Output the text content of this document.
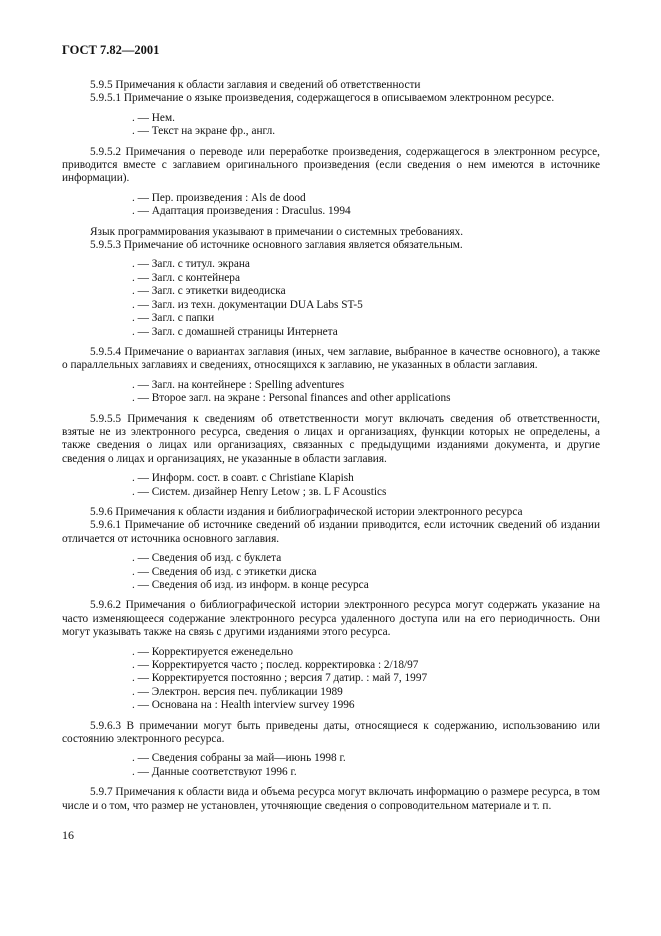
ГОСТ 7.82—2001

5.9.5 Примечания к области заглавия и сведений об ответственности

5.9.5.1 Примечание о языке произведения, содержащегося в описываемом электронном ресурсе.

. — Нем.
. — Текст на экране фр., англ.

5.9.5.2 Примечания о переводе или переработке произведения, содержащегося в электронном ресурсе, приводится вместе с заглавием оригинального произведения (если сведения о нем имеются в источнике информации).

. — Пер. произведения : Als de dood
. — Адаптация произведения : Draculus. 1994

Язык программирования указывают в примечании о системных требованиях.

5.9.5.3 Примечание об источнике основного заглавия является обязательным.

. — Загл. с титул. экрана
. — Загл. с контейнера
. — Загл. с этикетки видеодиска
. — Загл. из техн. документации DUA Labs ST-5
. — Загл. с папки
. — Загл. с домашней страницы Интернета

5.9.5.4 Примечание о вариантах заглавия (иных, чем заглавие, выбранное в качестве основного), а также о параллельных заглавиях и сведениях, относящихся к заглавию, не указанных в области заглавия.

. — Загл. на контейнере : Spelling adventures
. — Второе загл. на экране : Personal finances and other applications

5.9.5.5 Примечания к сведениям об ответственности могут включать сведения об ответственности, взятые не из электронного ресурса, сведения о лицах и организациях, функции которых не определены, а также сведения о лицах или организациях, связанных с предыдущими изданиями документа, и другие сведения о лицах и организациях, не указанные в области заглавия.

. — Информ. сост. в соавт. с Christiane Klapish
. — Систем. дизайнер Henry Letow ; зв. L F Acoustics

5.9.6 Примечания к области издания и библиографической истории электронного ресурса

5.9.6.1 Примечание об источнике сведений об издании приводится, если источник сведений об издании отличается от источника основного заглавия.

. — Сведения об изд. с буклета
. — Сведения об изд. с этикетки диска
. — Сведения об изд. из информ. в конце ресурса

5.9.6.2 Примечания о библиографической истории электронного ресурса могут содержать указание на часто изменяющееся содержание электронного ресурса удаленного доступа или на его периодичность. Они могут указывать также на связь с другими изданиями этого ресурса.

. — Корректируется еженедельно
. — Корректируется часто ; послед. корректировка : 2/18/97
. — Корректируется постоянно ; версия 7 датир. : май 7, 1997
. — Электрон. версия печ. публикации 1989
. — Основана на : Health interview survey 1996

5.9.6.3 В примечании могут быть приведены даты, относящиеся к содержанию, использованию или состоянию электронного ресурса.

. — Сведения собраны за май—июнь 1998 г.
. — Данные соответствуют 1996 г.

5.9.7 Примечания к области вида и объема ресурса могут включать информацию о размере ресурса, в том числе и о том, что размер не установлен, уточняющие сведения о сопроводительном материале и т. п.

16
